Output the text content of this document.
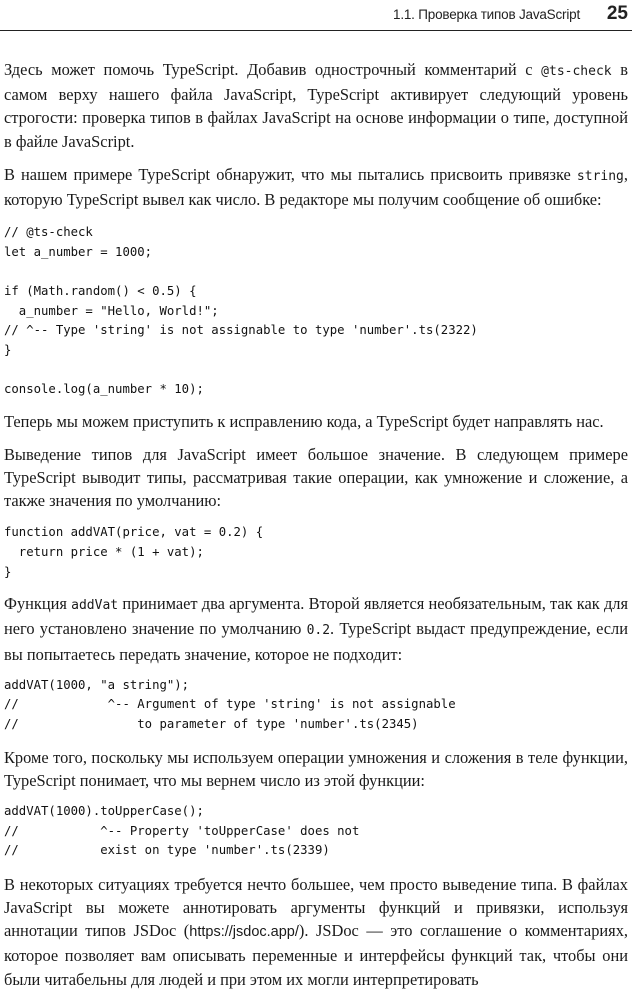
1.1. Проверка типов JavaScript 25

Здесь может помочь TypeScript. Добавив однострочный комментарий с @ts-check в самом верху нашего файла JavaScript, TypeScript активирует следующий уровень строгости: проверка типов в файлах JavaScript на основе информации о типе, доступной в файле JavaScript.

В нашем примере TypeScript обнаружит, что мы пытались присвоить привязке string, которую TypeScript вывел как число. В редакторе мы получим сообщение об ошибке:

// @ts-check
let a_number = 1000;

if (Math.random() < 0.5) {
a_number = "Hello, World!";
// ^-- Type 'string' is not assignable to type 'number'.ts(2322)
}

console.log(a_number * 10);

Теперь мы можем приступить к исправлению кода, а TypeScript будет направлять нас.

Выведение типов для JavaScript имеет большое значение. В следующем примере TypeScript выводит типы, рассматривая такие операции, как умножение и сложение, а также значения по умолчанию:

function addVAT(price, vat = 0.2) {
return price * (1 + vat);
}

Функция addVat принимает два аргумента. Второй является необязательным, так как для него установлено значение по умолчанию 0.2. TypeScript выдаст предупреждение, если вы попытаетесь передать значение, которое не подходит:

addVAT(1000, "a string");
//            ^-- Argument of type 'string' is not assignable
//                to parameter of type 'number'.ts(2345)

Кроме того, поскольку мы используем операции умножения и сложения в теле функции, TypeScript понимает, что мы вернем число из этой функции:

addVAT(1000).toUpperCase();
//           ^-- Property 'toUpperCase' does not
//           exist on type 'number'.ts(2339)

В некоторых ситуациях требуется нечто большее, чем просто выведение типа. В файлах JavaScript вы можете аннотировать аргументы функций и привязки, используя аннотации типов JSDoc (https://jsdoc.app/). JSDoc — это соглашение о комментариях, которое позволяет вам описывать переменные и интерфейсы функций так, чтобы они были читабельны для людей и при этом их могли интерпретировать
